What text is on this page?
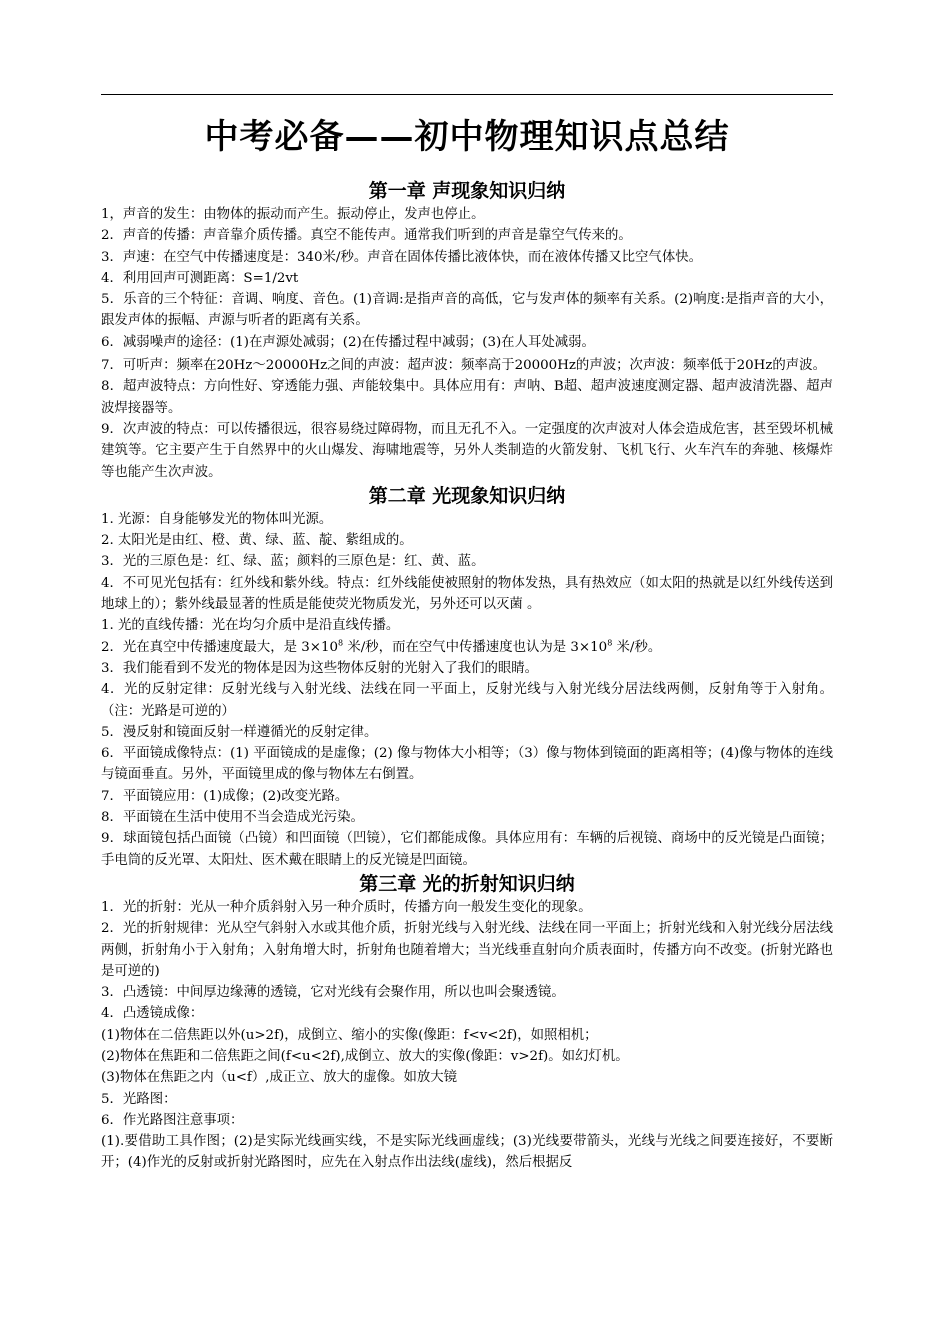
中考必备——初中物理知识点总结
第一章 声现象知识归纳

1，声音的发生：由物体的振动而产生。振动停止，发声也停止。

2．声音的传播：声音靠介质传播。真空不能传声。通常我们听到的声音是靠空气传来的。

3．声速：在空气中传播速度是：340米/秒。声音在固体传播比液体快，而在液体传播又比空气体快。

4．利用回声可测距离：S=1/2vt

5．乐音的三个特征：音调、响度、音色。(1)音调:是指声音的高低，它与发声体的频率有关系。(2)响度:是指声音的大小，跟发声体的振幅、声源与听者的距离有关系。

6．减弱噪声的途径：(1)在声源处减弱；(2)在传播过程中减弱；(3)在人耳处减弱。

7．可听声：频率在20Hz～20000Hz之间的声波：超声波：频率高于20000Hz的声波；次声波：频率低于20Hz的声波。

8．超声波特点：方向性好、穿透能力强、声能较集中。具体应用有：声呐、B超、超声波速度测定器、超声波清洗器、超声波焊接器等。

9．次声波的特点：可以传播很远，很容易绕过障碍物，而且无孔不入。一定强度的次声波对人体会造成危害，甚至毁坏机械建筑等。它主要产生于自然界中的火山爆发、海啸地震等，另外人类制造的火箭发射、飞机飞行、火车汽车的奔驰、核爆炸等也能产生次声波。

第二章 光现象知识归纳

1. 光源：自身能够发光的物体叫光源。

2. 太阳光是由红、橙、黄、绿、蓝、靛、紫组成的。

3．光的三原色是：红、绿、蓝；颜料的三原色是：红、黄、蓝。

4．不可见光包括有：红外线和紫外线。特点：红外线能使被照射的物体发热，具有热效应（如太阳的热就是以红外线传送到地球上的）；紫外线最显著的性质是能使荧光物质发光，另外还可以灭菌 。

1. 光的直线传播：光在均匀介质中是沿直线传播。

2．光在真空中传播速度最大，是 $3\times 10^8$ 米/秒，而在空气中传播速度也认为是 $3\times 10^8$ 米/秒。

3．我们能看到不发光的物体是因为这些物体反射的光射入了我们的眼睛。

4．光的反射定律：反射光线与入射光线、法线在同一平面上，反射光线与入射光线分居法线两侧，反射角等于入射角。（注：光路是可逆的）

5．漫反射和镜面反射一样遵循光的反射定律。

6．平面镜成像特点：(1) 平面镜成的是虚像；(2) 像与物体大小相等；（3）像与物体到镜面的距离相等；(4)像与物体的连线与镜面垂直。另外，平面镜里成的像与物体左右倒置。

7．平面镜应用：(1)成像；(2)改变光路。

8．平面镜在生活中使用不当会造成光污染。

9．球面镜包括凸面镜（凸镜）和凹面镜（凹镜），它们都能成像。具体应用有：车辆的后视镜、商场中的反光镜是凸面镜；手电筒的反光罩、太阳灶、医术戴在眼睛上的反光镜是凹面镜。

第三章 光的折射知识归纳

1．光的折射：光从一种介质斜射入另一种介质时，传播方向一般发生变化的现象。

2．光的折射规律：光从空气斜射入水或其他介质，折射光线与入射光线、法线在同一平面上；折射光线和入射光线分居法线两侧，折射角小于入射角；入射角增大时，折射角也随着增大；当光线垂直射向介质表面时，传播方向不改变。(折射光路也是可逆的)

3．凸透镜：中间厚边缘薄的透镜，它对光线有会聚作用，所以也叫会聚透镜。

4．凸透镜成像：

(1)物体在二倍焦距以外(u>2f)，成倒立、缩小的实像(像距：f<v<2f)，如照相机；

(2)物体在焦距和二倍焦距之间(f<u<2f),成倒立、放大的实像(像距：v>2f)。如幻灯机。

(3)物体在焦距之内（u<f）,成正立、放大的虚像。如放大镜

5．光路图：

6．作光路图注意事项：

(1).要借助工具作图；(2)是实际光线画实线，不是实际光线画虚线；(3)光线要带箭头，光线与光线之间要连接好，不要断开；(4)作光的反射或折射光路图时，应先在入射点作出法线(虚线)，然后根据反
